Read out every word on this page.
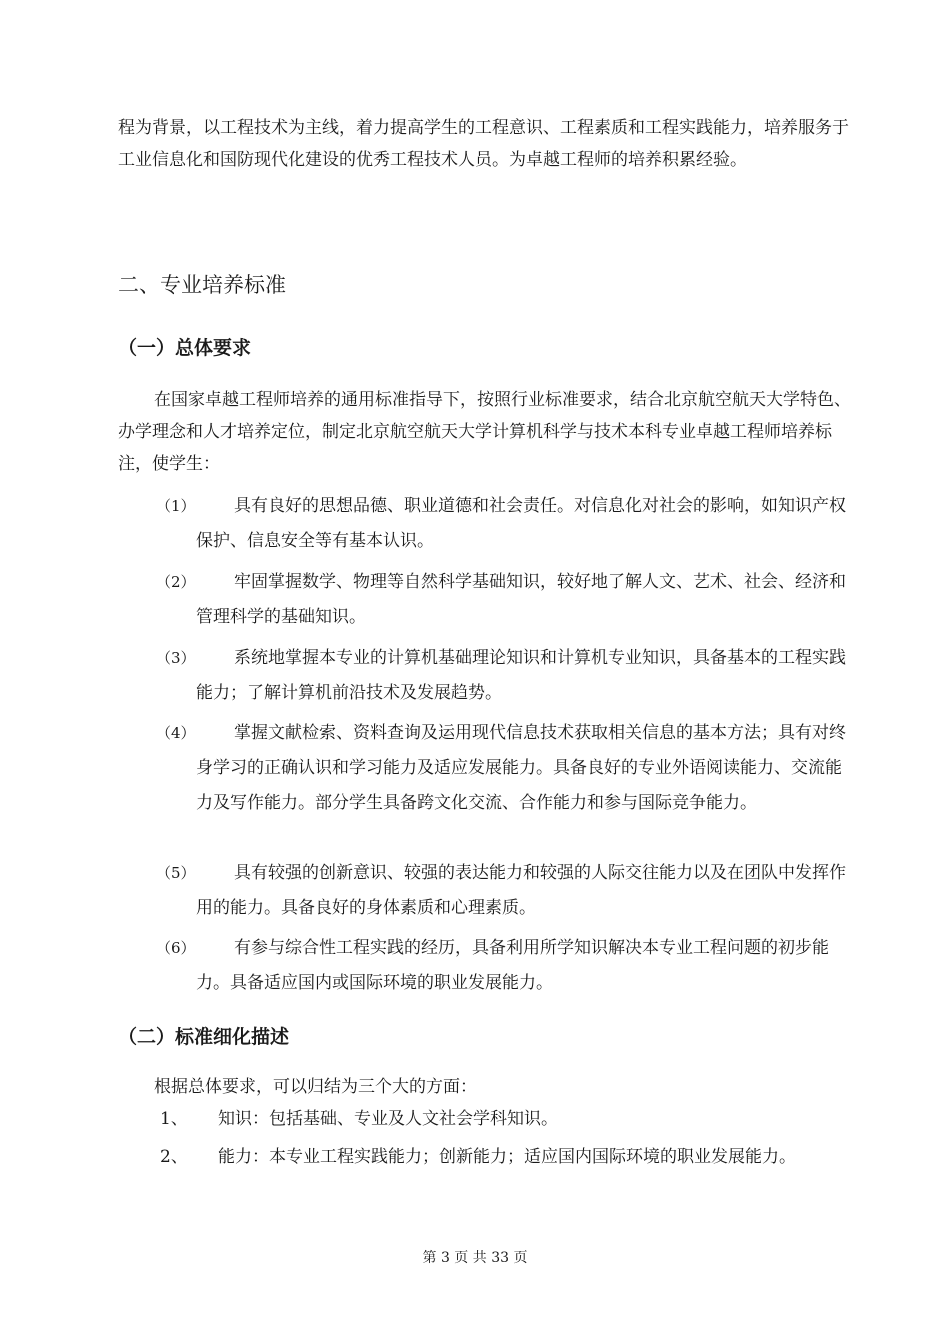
程为背景，以工程技术为主线，着力提高学生的工程意识、工程素质和工程实践能力，培养服务于工业信息化和国防现代化建设的优秀工程技术人员。为卓越工程师的培养积累经验。

二、专业培养标准
（一）总体要求

在国家卓越工程师培养的通用标准指导下，按照行业标准要求，结合北京航空航天大学特色、办学理念和人才培养定位，制定北京航空航天大学计算机科学与技术本科专业卓越工程师培养标注，使学生：

（1）	具有良好的思想品德、职业道德和社会责任。对信息化对社会的影响，如知识产权保护、信息安全等有基本认识。
（2）	牢固掌握数学、物理等自然科学基础知识，较好地了解人文、艺术、社会、经济和管理科学的基础知识。
（3）	系统地掌握本专业的计算机基础理论知识和计算机专业知识，具备基本的工程实践能力；了解计算机前沿技术及发展趋势。
（4）	掌握文献检索、资料查询及运用现代信息技术获取相关信息的基本方法；具有对终身学习的正确认识和学习能力及适应发展能力。具备良好的专业外语阅读能力、交流能力及写作能力。部分学生具备跨文化交流、合作能力和参与国际竞争能力。
（5）	具有较强的创新意识、较强的表达能力和较强的人际交往能力以及在团队中发挥作用的能力。具备良好的身体素质和心理素质。
（6）	有参与综合性工程实践的经历，具备利用所学知识解决本专业工程问题的初步能力。具备适应国内或国际环境的职业发展能力。
（二）标准细化描述

根据总体要求，可以归结为三个大的方面：

1、	知识：包括基础、专业及人文社会学科知识。
2、	能力：本专业工程实践能力；创新能力；适应国内国际环境的职业发展能力。
第 3 页 共 33 页
